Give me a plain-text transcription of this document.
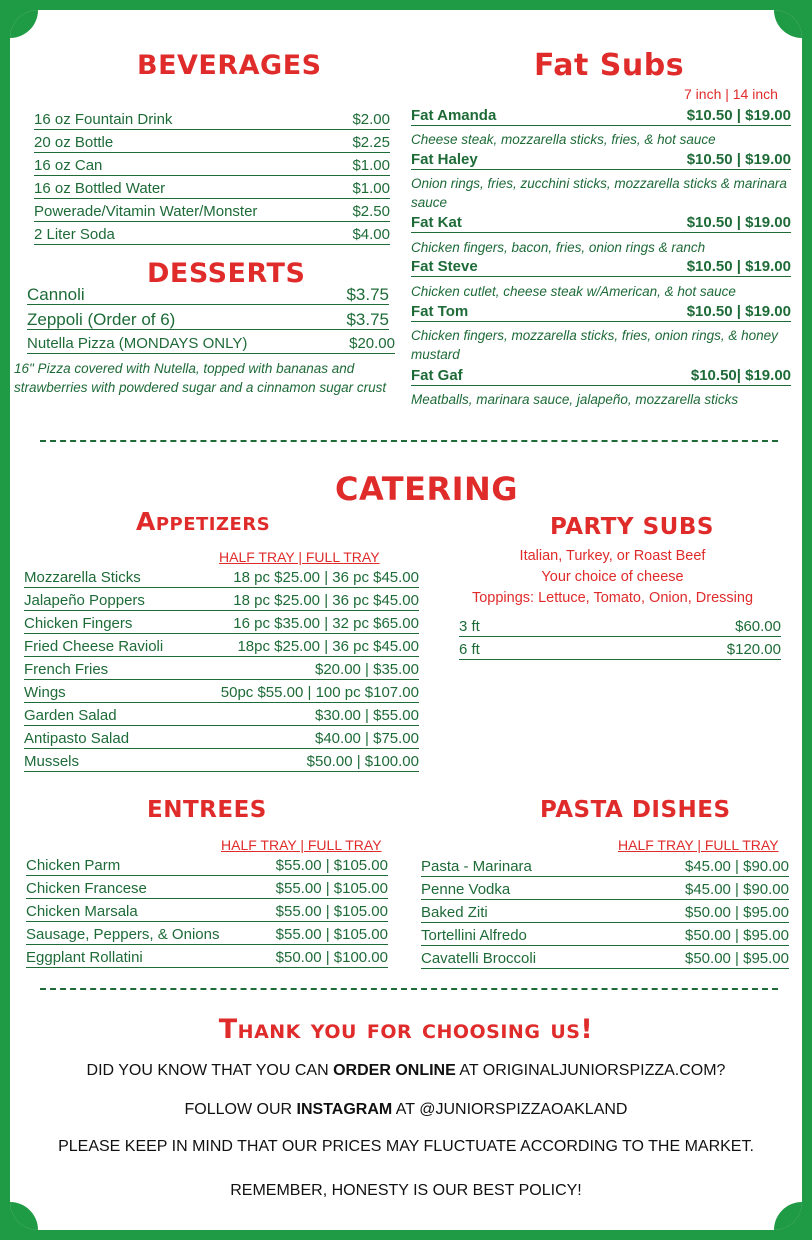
BEVERAGES
16 oz Fountain Drink	$2.00
20 oz Bottle	$2.25
16 oz Can	$1.00
16 oz Bottled Water	$1.00
Powerade/Vitamin Water/Monster	$2.50
2 Liter Soda	$4.00
DESSERTS
Cannoli	$3.75
Zeppoli (Order of 6)	$3.75
Nutella Pizza (MONDAYS ONLY)	$20.00
16" Pizza covered with Nutella, topped with bananas and strawberries with powdered sugar and a cinnamon sugar crust
Fat Subs
7 inch | 14 inch
Fat Amanda	$10.50 | $19.00
Cheese steak, mozzarella sticks, fries, & hot sauce
Fat Haley	$10.50 | $19.00
Onion rings, fries, zucchini sticks, mozzarella sticks & marinara sauce
Fat Kat	$10.50 | $19.00
Chicken fingers, bacon, fries, onion rings & ranch
Fat Steve	$10.50 | $19.00
Chicken cutlet, cheese steak w/American, & hot sauce
Fat Tom	$10.50 | $19.00
Chicken fingers, mozzarella sticks, fries, onion rings, & honey mustard
Fat Gaf	$10.50| $19.00
Meatballs, marinara sauce, jalapeño, mozzarella sticks
CATERING
Appetizers
HALF TRAY | FULL TRAY
Mozzarella Sticks	18 pc $25.00 | 36 pc $45.00
Jalapeño Poppers	18 pc $25.00 | 36 pc $45.00
Chicken Fingers	16 pc $35.00 | 32 pc $65.00
Fried Cheese Ravioli	18pc $25.00 | 36 pc $45.00
French Fries	$20.00 | $35.00
Wings	50pc $55.00 | 100 pc $107.00
Garden Salad	$30.00 | $55.00
Antipasto Salad	$40.00 | $75.00
Mussels	$50.00 | $100.00
PARTY SUBS
Italian, Turkey, or Roast Beef
Your choice of cheese
Toppings: Lettuce, Tomato, Onion, Dressing
3 ft	$60.00
6 ft	$120.00
ENTREES
HALF TRAY | FULL TRAY
Chicken Parm	$55.00 | $105.00
Chicken Francese	$55.00 | $105.00
Chicken Marsala	$55.00 | $105.00
Sausage, Peppers, & Onions	$55.00 | $105.00
Eggplant Rollatini	$50.00 | $100.00
PASTA DISHES
HALF TRAY | FULL TRAY
Pasta - Marinara	$45.00 | $90.00
Penne Vodka	$45.00 | $90.00
Baked Ziti	$50.00 | $95.00
Tortellini Alfredo	$50.00 | $95.00
Cavatelli Broccoli	$50.00 | $95.00
Thank you for choosing us!
DID YOU KNOW THAT YOU CAN ORDER ONLINE AT ORIGINALJUNIORSPIZZA.COM?
FOLLOW OUR INSTAGRAM AT @JUNIORSPIZZAOAKLAND
PLEASE KEEP IN MIND THAT OUR PRICES MAY FLUCTUATE ACCORDING TO THE MARKET.
REMEMBER, HONESTY IS OUR BEST POLICY!
